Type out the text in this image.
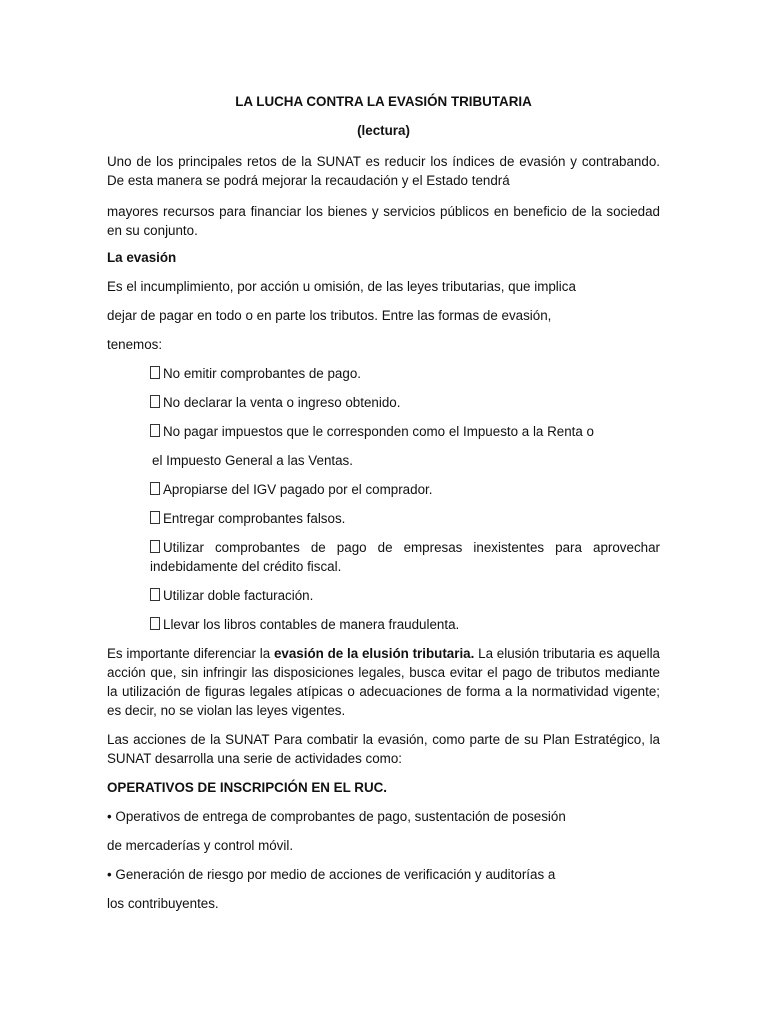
LA LUCHA CONTRA LA EVASIÓN TRIBUTARIA

(lectura)

Uno de los principales retos de la SUNAT es reducir los índices de evasión y contrabando. De esta manera se podrá mejorar la recaudación y el Estado tendrá

mayores recursos para financiar los bienes y servicios públicos en beneficio de la sociedad en su conjunto.

La evasión

Es el incumplimiento, por acción u omisión, de las leyes tributarias, que implica

dejar de pagar en todo o en parte los tributos. Entre las formas de evasión,

tenemos:

No emitir comprobantes de pago.

No declarar la venta o ingreso obtenido.

No pagar impuestos que le corresponden como el Impuesto a la Renta o

el Impuesto General a las Ventas.

Apropiarse del IGV pagado por el comprador.

Entregar comprobantes falsos.

Utilizar comprobantes de pago de empresas inexistentes para aprovechar indebidamente del crédito fiscal.

Utilizar doble facturación.

Llevar los libros contables de manera fraudulenta.

Es importante diferenciar la evasión de la elusión tributaria. La elusión tributaria es aquella acción que, sin infringir las disposiciones legales, busca evitar el pago de tributos mediante la utilización de figuras legales atípicas o adecuaciones de forma a la normatividad vigente; es decir, no se violan las leyes vigentes.

Las acciones de la SUNAT Para combatir la evasión, como parte de su Plan Estratégico, la SUNAT desarrolla una serie de actividades como:

OPERATIVOS DE INSCRIPCIÓN EN EL RUC.

• Operativos de entrega de comprobantes de pago, sustentación de posesión

de mercaderías y control móvil.

• Generación de riesgo por medio de acciones de verificación y auditorías a

los contribuyentes.
